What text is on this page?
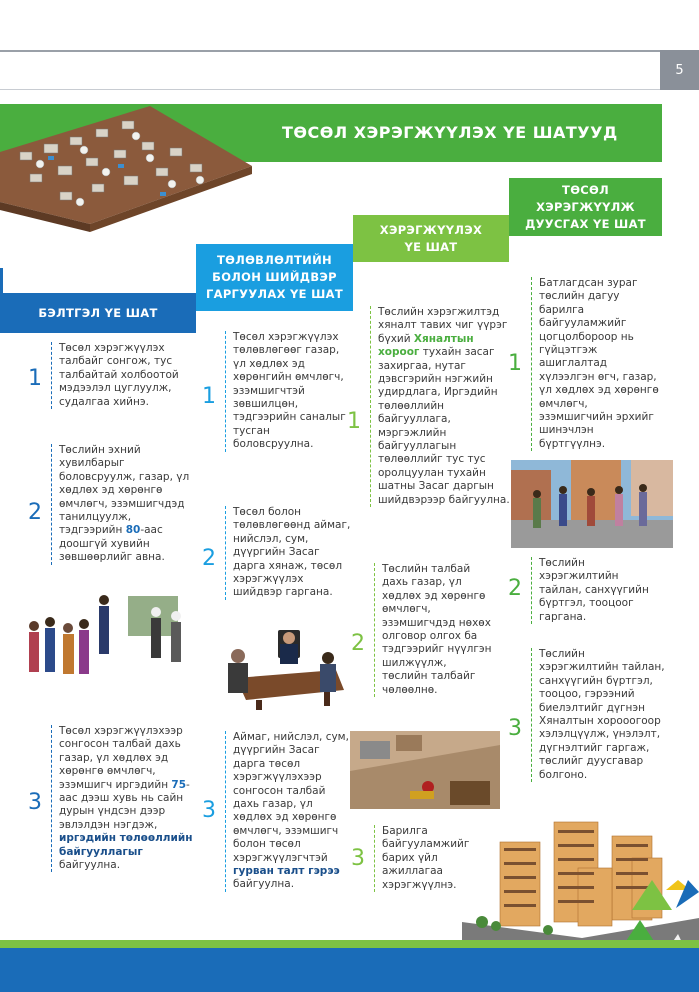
5
ТӨСӨЛ ХЭРЭГЖҮҮЛЭХ ҮЕ ШАТУУД
БЭЛТГЭЛ ҮЕ ШАТ
ТӨЛӨВЛӨЛТИЙН
БОЛОН ШИЙДВЭР
ГАРГУУЛАХ ҮЕ ШАТ
ХЭРЭГЖҮҮЛЭХ
ҮЕ ШАТ
ТӨСӨЛ
ХЭРЭГЖҮҮЛЖ
ДУУСГАХ ҮЕ ШАТ
1
Төсөл хэрэгжүүлэх талбайг сонгож, тус талбайтай холбоотой мэдээлэл цуглуулж, судалгаа хийнэ.
2
Төслийн эхний хувилбарыг боловсруулж, газар, үл хөдлөх эд хөрөнгө өмчлөгч, эзэмшигчдэд танилцуулж, тэдгээрийн 80-аас доошгүй хувийн зөвшөөрлийг авна.
3
Төсөл хэрэгжүүлэхээр сонгосон талбай дахь газар, үл хөдлөх эд хөрөнгө өмчлөгч, эзэмшигч иргэдийн 75-аас дээш хувь нь сайн дурын үндсэн дээр эвлэлдэн нэгдэж, иргэдийн төлөөллийн байгууллагыг байгуулна.
1
Төсөл хэрэгжүүлэх төлөвлөгөөг газар, үл хөдлөх эд хөрөнгийн өмчлөгч, эзэмшигчтэй зөвшилцөн, тэдгээрийн саналыг тусган боловсруулна.
2
Төсөл болон төлөвлөгөөнд аймаг, нийслэл, сум, дүүргийн Засаг дарга хянаж, төсөл хэрэгжүүлэх шийдвэр гаргана.
3
Аймаг, нийслэл, сум, дүүргийн Засаг дарга төсөл хэрэгжүүлэхээр сонгосон талбай дахь газар, үл хөдлөх эд хөрөнгө өмчлөгч, эзэмшигч болон төсөл хэрэгжүүлэгчтэй гурван талт гэрээ байгуулна.
1
Төслийн хэрэгжилтэд хяналт тавих чиг үүрэг бүхий Хяналтын хороог тухайн засаг захиргаа, нутаг дэвсгэрийн нэгжийн удирдлага, Иргэдийн төлөөллийн байгууллага, мэргэжлийн байгууллагын төлөөллийг тус тус оролцуулан тухайн шатны Засаг даргын шийдвэрээр байгуулна.
2
Төслийн талбай дахь газар, үл хөдлөх эд хөрөнгө өмчлөгч, эзэмшигчдэд нөхөх олговор олгох ба тэдгээрийг нүүлгэн шилжүүлж, төслийн талбайг чөлөөлнө.
3
Барилга байгууламжийг барих үйл ажиллагаа хэрэгжүүлнэ.
1
Батлагдсан зураг төслийн дагуу барилга байгууламжийг цогцолбороор нь гүйцэтгэж ашиглалтад хүлээлгэн өгч, газар, үл хөдлөх эд хөрөнгө өмчлөгч, эзэмшигчийн эрхийг шинэчлэн бүртгүүлнэ.
2
Төслийн хэрэгжилтийн тайлан, санхүүгийн бүртгэл, тооцоог гаргана.
3
Төслийн хэрэгжилтийн тайлан, санхүүгийн бүртгэл, тооцоо, гэрээний биелэлтийг дүгнэн Хяналтын хорооогоор хэлэлцүүлж, үнэлэлт, дүгнэлтийг гаргаж, төслийг дуусгавар болгоно.
